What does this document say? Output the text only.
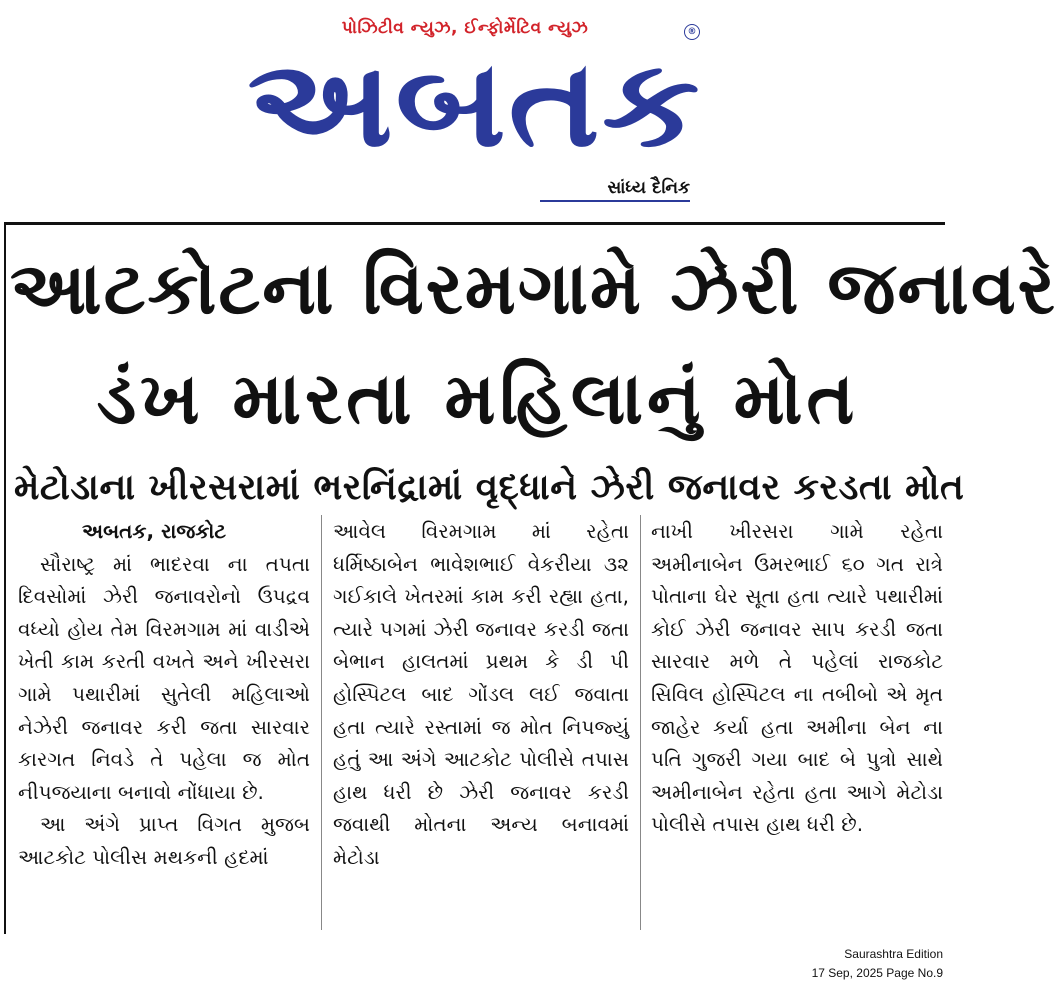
પોઝિટીવ ન્યુઝ, ઈન્ફોર્મેટિવ ન્યુઝ
અબતક
®
સાંધ્ય દૈનિક
આટકોટના વિરમગામે ઝેરી જનાવરે
ડંખ મારતા મહિલાનું મોત
મેટોડાના ખીરસરામાં ભરનિંદ્રામાં વૃદ્ધાને ઝેરી જનાવર કરડતા મોત
અબતક, રાજકોટ

સૌરાષ્ટ્ર માં ભાદરવા ના તપતા દિવસોમાં ઝેરી જનાવરોનો ઉપદ્રવ વધ્યો હોય તેમ વિરમગામ માં વાડીએ ખેતી કામ કરતી વખતે અને ખીરસરા ગામે પથારીમાં સુતેલી મહિલાઓ નેઝેરી જનાવર કરી જતા સારવાર કારગત નિવડે તે પહેલા જ મોત નીપજયાના બનાવો નોંધાયા છે.

આ અંગે પ્રાપ્ત વિગત મુજબ આટકોટ પોલીસ મથકની હદમાં

આવેલ વિરમગામ માં રહેતા ધર્મિષ્ઠાબેન ભાવેશભાઈ વેકરીયા ૩૨ ગઈકાલે ખેતરમાં કામ કરી રહ્યા હતા, ત્યારે પગમાં ઝેરી જનાવર કરડી જતા બેભાન હાલતમાં પ્રથમ કે ડી પી હોસ્પિટલ બાદ ગોંડલ લઈ જવાતા હતા ત્યારે રસ્તામાં જ મોત નિપજ્યું હતું આ અંગે આટકોટ પોલીસે તપાસ હાથ ધરી છે ઝેરી જનાવર કરડી જવાથી મોતના અન્ય બનાવમાં મેટોડા

નાખી ખીરસરા ગામે રહેતા અમીનાબેન ઉમરભાઈ ૬૦ ગત રાત્રે પોતાના ઘેર સૂતા હતા ત્યારે પથારીમાં કોઈ ઝેરી જનાવર સાપ કરડી જતા સારવાર મળે તે પહેલાં રાજકોટ સિવિલ હોસ્પિટલ ના તબીબો એ મૃત જાહેર કર્યા હતા અમીના બેન ના પતિ ગુજરી ગયા બાદ બે પુત્રો સાથે અમીનાબેન રહેતા હતા આગે મેટોડા પોલીસે તપાસ હાથ ધરી છે.

Saurashtra Edition
17 Sep, 2025 Page No.9
